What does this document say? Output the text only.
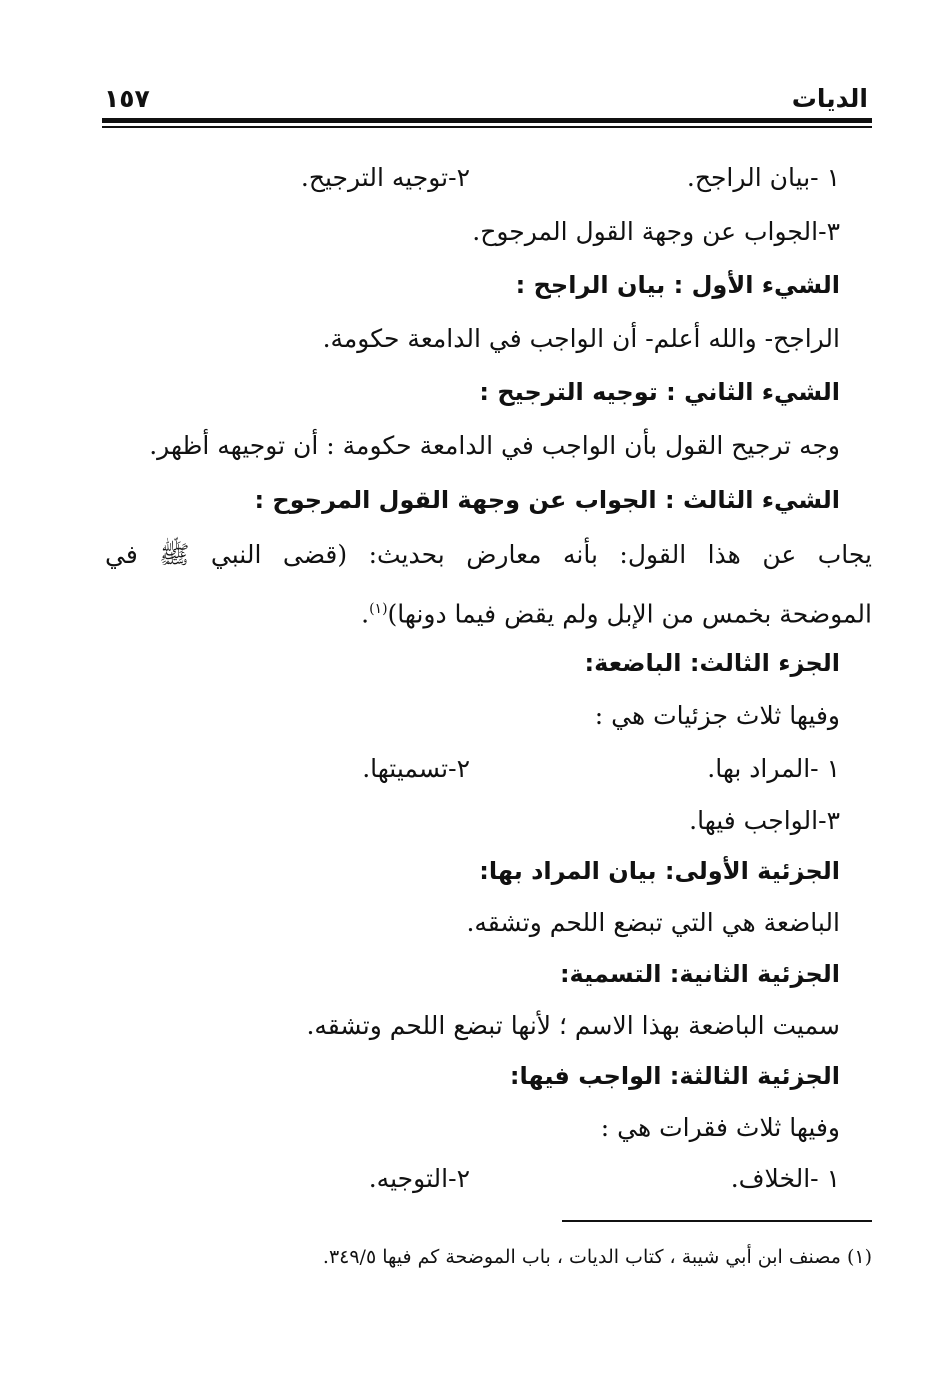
الديات
١٥٧
١ -بيان الراجح.
٢-توجيه الترجيح.
٣-الجواب عن وجهة القول المرجوح.
الشيء الأول : بيان الراجح :
الراجح- والله أعلم- أن الواجب في الدامعة حكومة.
الشيء الثاني : توجيه الترجيح :
وجه ترجيح القول بأن الواجب في الدامعة حكومة : أن توجيهه أظهر.
الشيء الثالث : الجواب عن وجهة القول المرجوح :
يجاب عن هذا القول: بأنه معارض بحديث: (قضى النبي ﷺ في
الموضحة بخمس من الإبل ولم يقض فيما دونها)$^{(١)}$.
الجزء الثالث: الباضعة:
وفيها ثلاث جزئيات هي :
١ -المراد بها.
٢-تسميتها.
٣-الواجب فيها.
الجزئية الأولى: بيان المراد بها:
الباضعة هي التي تبضع اللحم وتشقه.
الجزئية الثانية: التسمية:
سميت الباضعة بهذا الاسم ؛ لأنها تبضع اللحم وتشقه.
الجزئية الثالثة: الواجب فيها:
وفيها ثلاث فقرات هي :
١ -الخلاف.
٢-التوجيه.
(١) مصنف ابن أبي شيبة ، كتاب الديات ، باب الموضحة كم فيها ٣٤٩/٥.
